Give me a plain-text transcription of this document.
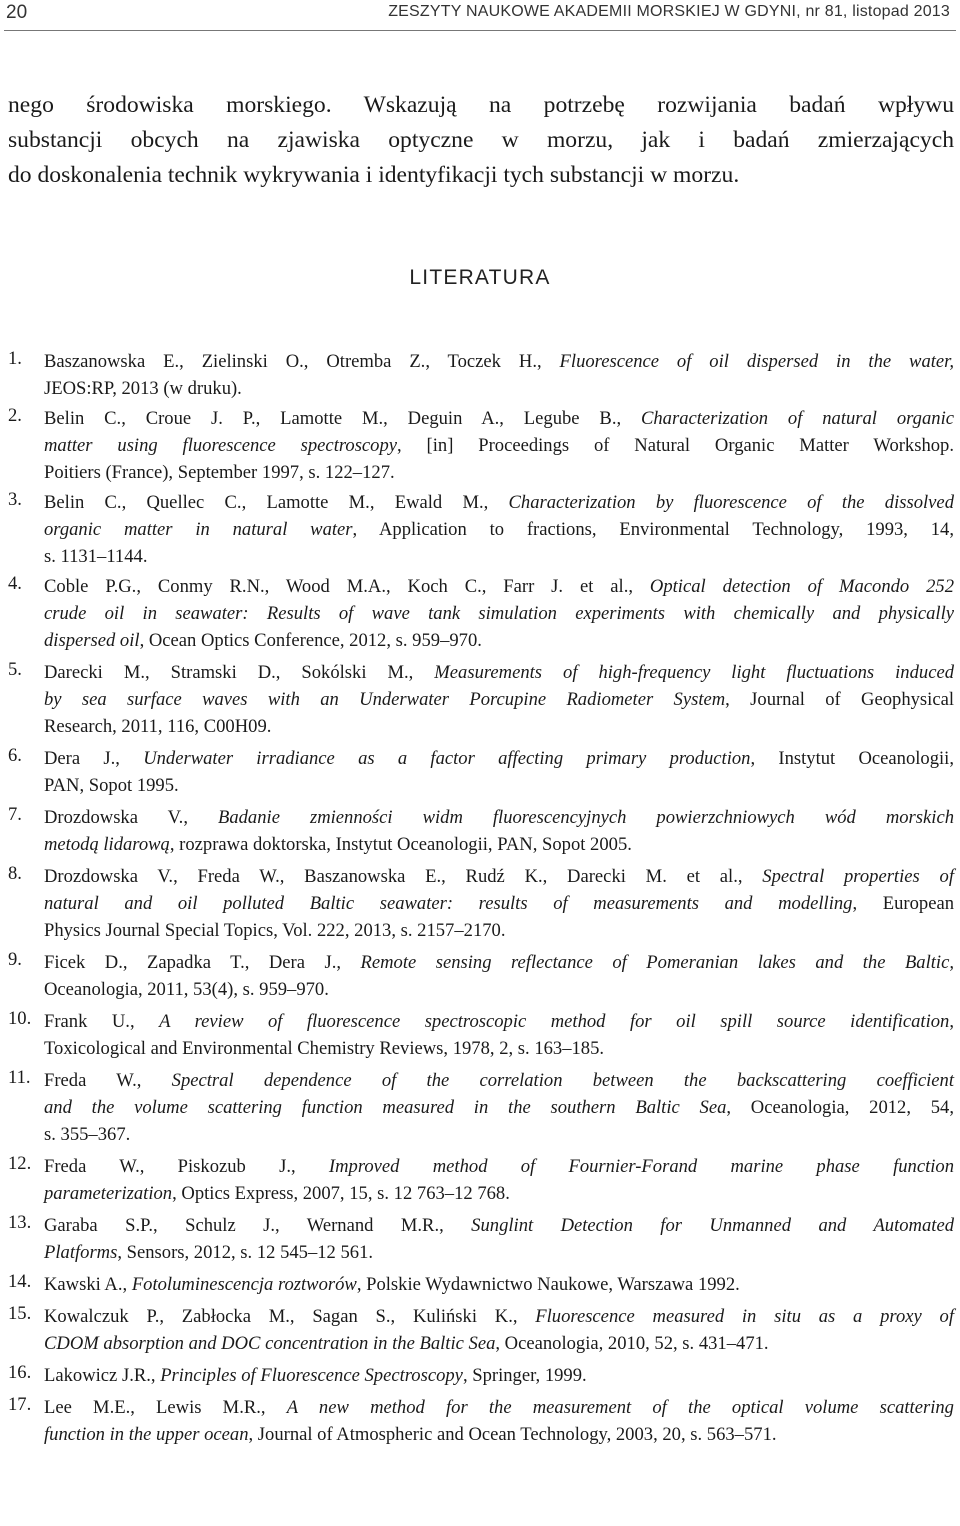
20	ZESZYTY NAUKOWE AKADEMII MORSKIEJ W GDYNI, nr 81, listopad 2013
nego środowiska morskiego. Wskazują na potrzebę rozwijania badań wpływu
substancji obcych na zjawiska optyczne w morzu, jak i badań zmierzających
do doskonalenia technik wykrywania i identyfikacji tych substancji w morzu.
LITERATURA
1. Baszanowska E., Zielinski O., Otremba Z., Toczek H., Fluorescence of oil dispersed in the water,
JEOS:RP, 2013 (w druku).
2. Belin C., Croue J. P., Lamotte M., Deguin A., Legube B., Characterization of natural organic
matter using fluorescence spectroscopy, [in] Proceedings of Natural Organic Matter Workshop.
Poitiers (France), September 1997, s. 122–127.
3. Belin C., Quellec C., Lamotte M., Ewald M., Characterization by fluorescence of the dissolved
organic matter in natural water, Application to fractions, Environmental Technology, 1993, 14,
s. 1131–1144.
4. Coble P.G., Conmy R.N., Wood M.A., Koch C., Farr J. et al., Optical detection of Macondo 252
crude oil in seawater: Results of wave tank simulation experiments with chemically and physically
dispersed oil, Ocean Optics Conference, 2012, s. 959–970.
5. Darecki M., Stramski D., Sokólski M., Measurements of high-frequency light fluctuations induced
by sea surface waves with an Underwater Porcupine Radiometer System, Journal of Geophysical
Research, 2011, 116, C00H09.
6. Dera J., Underwater irradiance as a factor affecting primary production, Instytut Oceanologii,
PAN, Sopot 1995.
7. Drozdowska V., Badanie zmienności widm fluorescencyjnych powierzchniowych wód morskich
metodą lidarową, rozprawa doktorska, Instytut Oceanologii, PAN, Sopot 2005.
8. Drozdowska V., Freda W., Baszanowska E., Rudź K., Darecki M. et al., Spectral properties of
natural and oil polluted Baltic seawater: results of measurements and modelling, European
Physics Journal Special Topics, Vol. 222, 2013, s. 2157–2170.
9. Ficek D., Zapadka T., Dera J., Remote sensing reflectance of Pomeranian lakes and the Baltic,
Oceanologia, 2011, 53(4), s. 959–970.
10. Frank U., A review of fluorescence spectroscopic method for oil spill source identification,
Toxicological and Environmental Chemistry Reviews, 1978, 2, s. 163–185.
11. Freda W., Spectral dependence of the correlation between the backscattering coefficient
and the volume scattering function measured in the southern Baltic Sea, Oceanologia, 2012, 54,
s. 355–367.
12. Freda W., Piskozub J., Improved method of Fournier-Forand marine phase function
parameterization, Optics Express, 2007, 15, s. 12 763–12 768.
13. Garaba S.P., Schulz J., Wernand M.R., Sunglint Detection for Unmanned and Automated
Platforms, Sensors, 2012, s. 12 545–12 561.
14. Kawski A., Fotoluminescencja roztworów, Polskie Wydawnictwo Naukowe, Warszawa 1992.
15. Kowalczuk P., Zabłocka M., Sagan S., Kuliński K., Fluorescence measured in situ as a proxy of
CDOM absorption and DOC concentration in the Baltic Sea, Oceanologia, 2010, 52, s. 431–471.
16. Lakowicz J.R., Principles of Fluorescence Spectroscopy, Springer, 1999.
17. Lee M.E., Lewis M.R., A new method for the measurement of the optical volume scattering
function in the upper ocean, Journal of Atmospheric and Ocean Technology, 2003, 20, s. 563–571.
